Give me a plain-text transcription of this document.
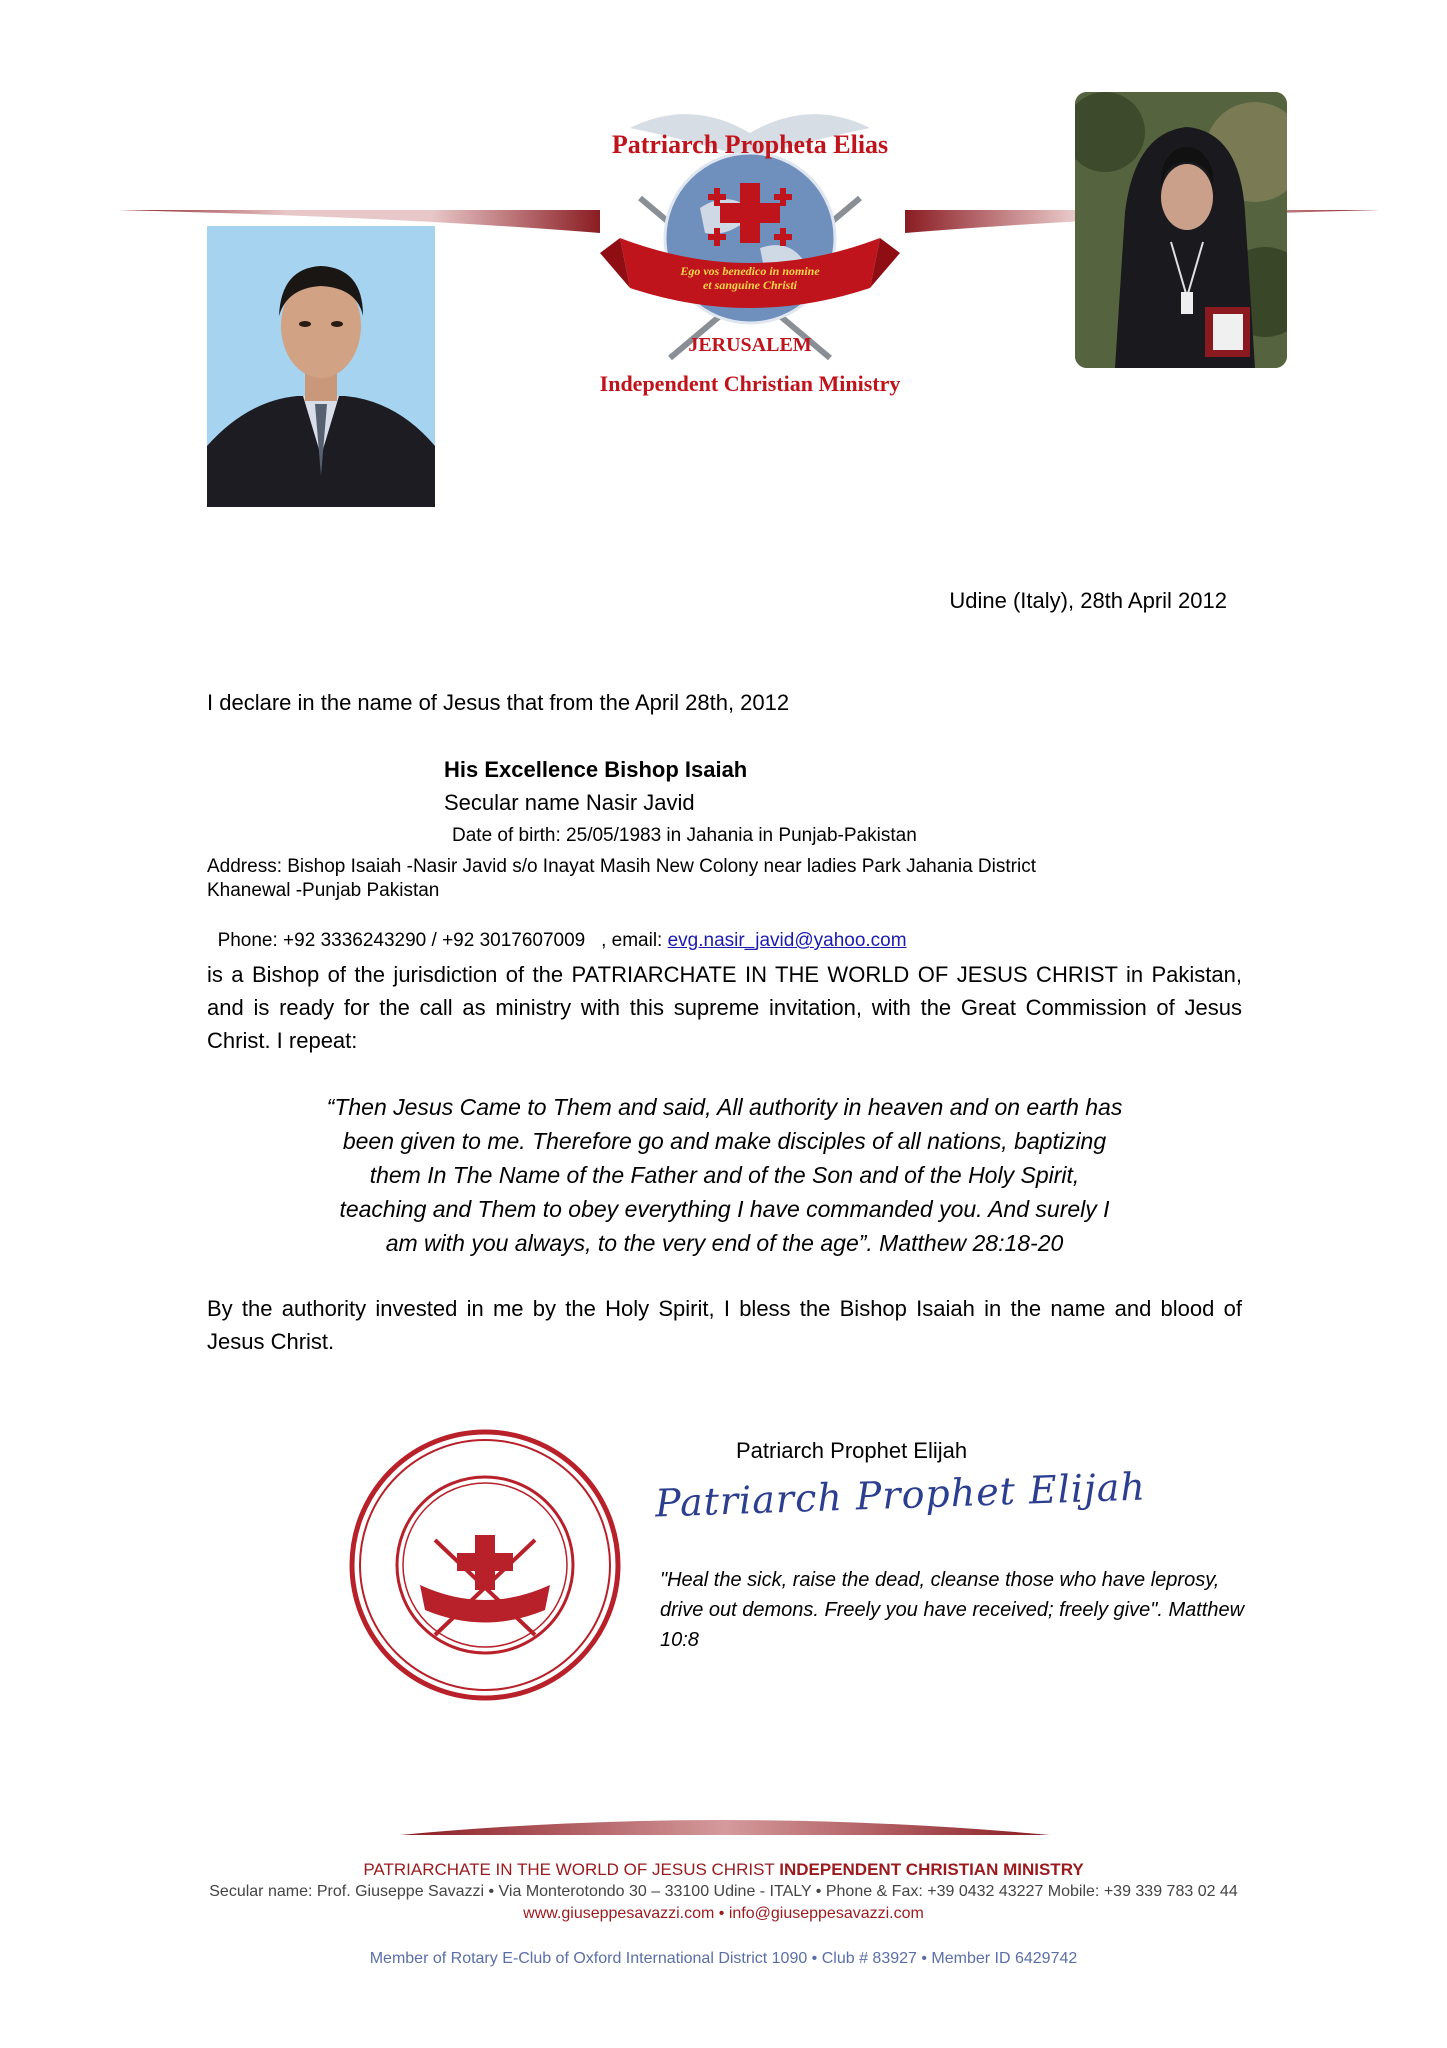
Patriarch Propheta Elias
Ego vos benedico in nomine
et sanguine Christi
JERUSALEM
Independent Christian Ministry
Udine (Italy), 28th April 2012
I declare in the name of Jesus that from the April 28th, 2012
His Excellence Bishop Isaiah
Secular name Nasir Javid
Date of birth: 25/05/1983 in Jahania in Punjab-Pakistan
Address: Bishop Isaiah -Nasir Javid s/o Inayat Masih New Colony near ladies Park Jahania District
Khanewal -Punjab Pakistan

Phone: +92 3336243290 / +92 3017607009   , email: evg.nasir_javid@yahoo.com

is a Bishop of the jurisdiction of the PATRIARCHATE IN THE WORLD OF JESUS CHRIST in Pakistan, and is ready for the call as ministry with this supreme invitation, with the Great Commission of Jesus Christ. I repeat:
“Then Jesus Came to Them and said, All authority in heaven and on earth has
been given to me. Therefore go and make disciples of all nations, baptizing
them In The Name of the Father and of the Son and of the Holy Spirit,
teaching and Them to obey everything I have commanded you. And surely I
am with you always, to the very end of the age”. Matthew 28:18-20
By the authority invested in me by the Holy Spirit, I bless the Bishop Isaiah in the name and blood of Jesus Christ.
Patriarch Prophet Elijah
Patriarch Prophet Elijah
"Heal the sick, raise the dead, cleanse those who have leprosy, drive out demons. Freely you have received; freely give". Matthew 10:8
PATRIARCHATE IN THE WORLD OF JESUS CHRIST INDEPENDENT CHRISTIAN MINISTRY
Secular name: Prof. Giuseppe Savazzi • Via Monterotondo 30 – 33100 Udine - ITALY • Phone & Fax: +39 0432 43227 Mobile: +39 339 783 02 44
www.giuseppesavazzi.com • info@giuseppesavazzi.com
Member of Rotary E-Club of Oxford International District 1090 • Club # 83927 • Member ID 6429742
